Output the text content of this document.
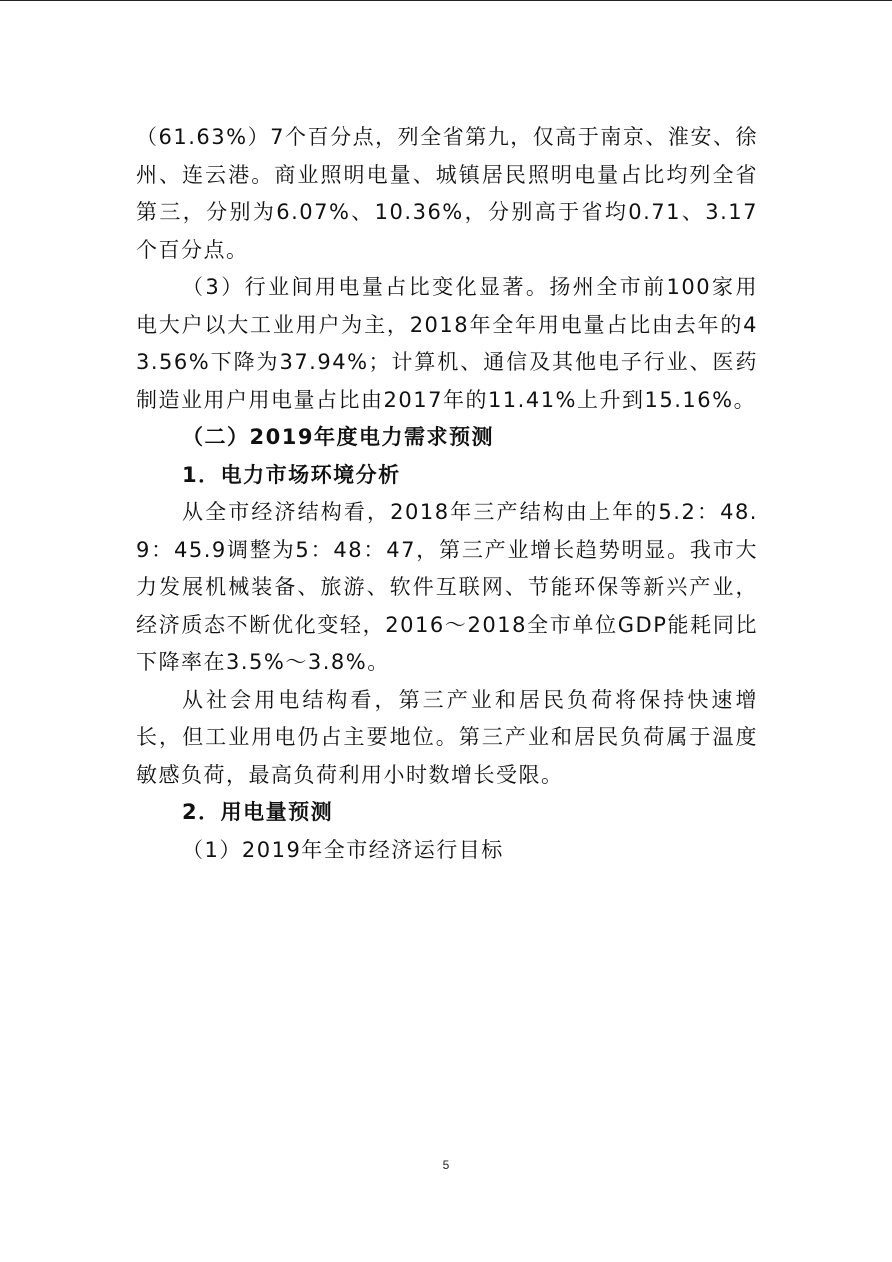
（61.63%）7个百分点，列全省第九，仅高于南京、淮安、徐州、连云港。商业照明电量、城镇居民照明电量占比均列全省第三，分别为6.07%、10.36%，分别高于省均0.71、3.17个百分点。

（3）行业间用电量占比变化显著。扬州全市前100家用电大户以大工业用户为主，2018年全年用电量占比由去年的43.56%下降为37.94%；计算机、通信及其他电子行业、医药制造业用户用电量占比由2017年的11.41%上升到15.16%。

（二）2019年度电力需求预测

1．电力市场环境分析

从全市经济结构看，2018年三产结构由上年的5.2：48.9：45.9调整为5：48：47，第三产业增长趋势明显。我市大力发展机械装备、旅游、软件互联网、节能环保等新兴产业，经济质态不断优化变轻，2016～2018全市单位GDP能耗同比下降率在3.5%～3.8%。

从社会用电结构看，第三产业和居民负荷将保持快速增长，但工业用电仍占主要地位。第三产业和居民负荷属于温度敏感负荷，最高负荷利用小时数增长受限。

2．用电量预测

（1）2019年全市经济运行目标

5
